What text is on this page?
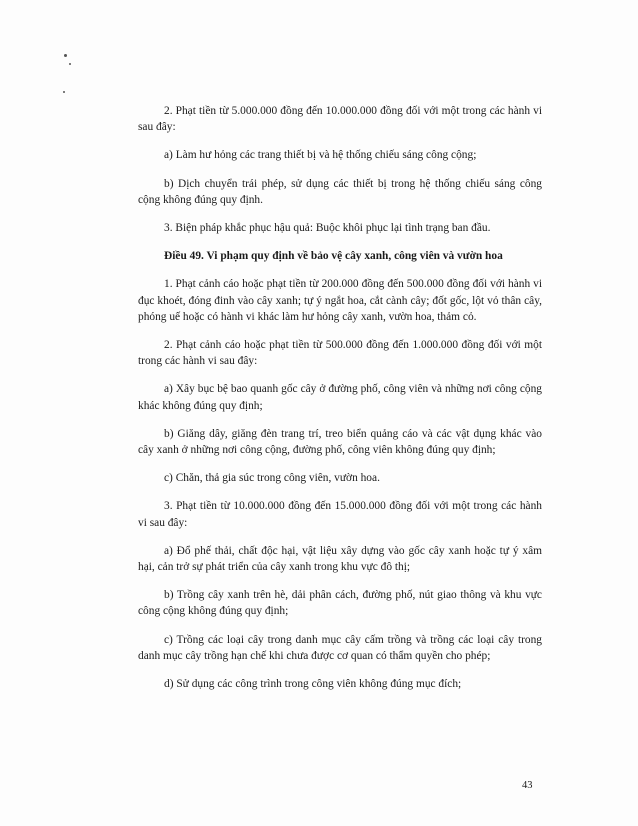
2. Phạt tiền từ 5.000.000 đồng đến 10.000.000 đồng đối với một trong các hành vi sau đây:

a) Làm hư hỏng các trang thiết bị và hệ thống chiếu sáng công cộng;

b) Dịch chuyển trái phép, sử dụng các thiết bị trong hệ thống chiếu sáng công cộng không đúng quy định.

3. Biện pháp khắc phục hậu quả: Buộc khôi phục lại tình trạng ban đầu.

Điều 49. Vi phạm quy định về bảo vệ cây xanh, công viên và vườn hoa

1. Phạt cảnh cáo hoặc phạt tiền từ 200.000 đồng đến 500.000 đồng đối với hành vi đục khoét, đóng đinh vào cây xanh; tự ý ngắt hoa, cắt cành cây; đốt gốc, lột vỏ thân cây, phóng uế hoặc có hành vi khác làm hư hỏng cây xanh, vườn hoa, thảm cỏ.

2. Phạt cảnh cáo hoặc phạt tiền từ 500.000 đồng đến 1.000.000 đồng đối với một trong các hành vi sau đây:

a) Xây bục bệ bao quanh gốc cây ở đường phố, công viên và những nơi công cộng khác không đúng quy định;

b) Giăng dây, giăng đèn trang trí, treo biển quảng cáo và các vật dụng khác vào cây xanh ở những nơi công cộng, đường phố, công viên không đúng quy định;

c) Chăn, thả gia súc trong công viên, vườn hoa.

3. Phạt tiền từ 10.000.000 đồng đến 15.000.000 đồng đối với một trong các hành vi sau đây:

a) Đổ phế thải, chất độc hại, vật liệu xây dựng vào gốc cây xanh hoặc tự ý xâm hại, cản trở sự phát triển của cây xanh trong khu vực đô thị;

b) Trồng cây xanh trên hè, dải phân cách, đường phố, nút giao thông và khu vực công cộng không đúng quy định;

c) Trồng các loại cây trong danh mục cây cấm trồng và trồng các loại cây trong danh mục cây trồng hạn chế khi chưa được cơ quan có thẩm quyền cho phép;

d) Sử dụng các công trình trong công viên không đúng mục đích;

43
